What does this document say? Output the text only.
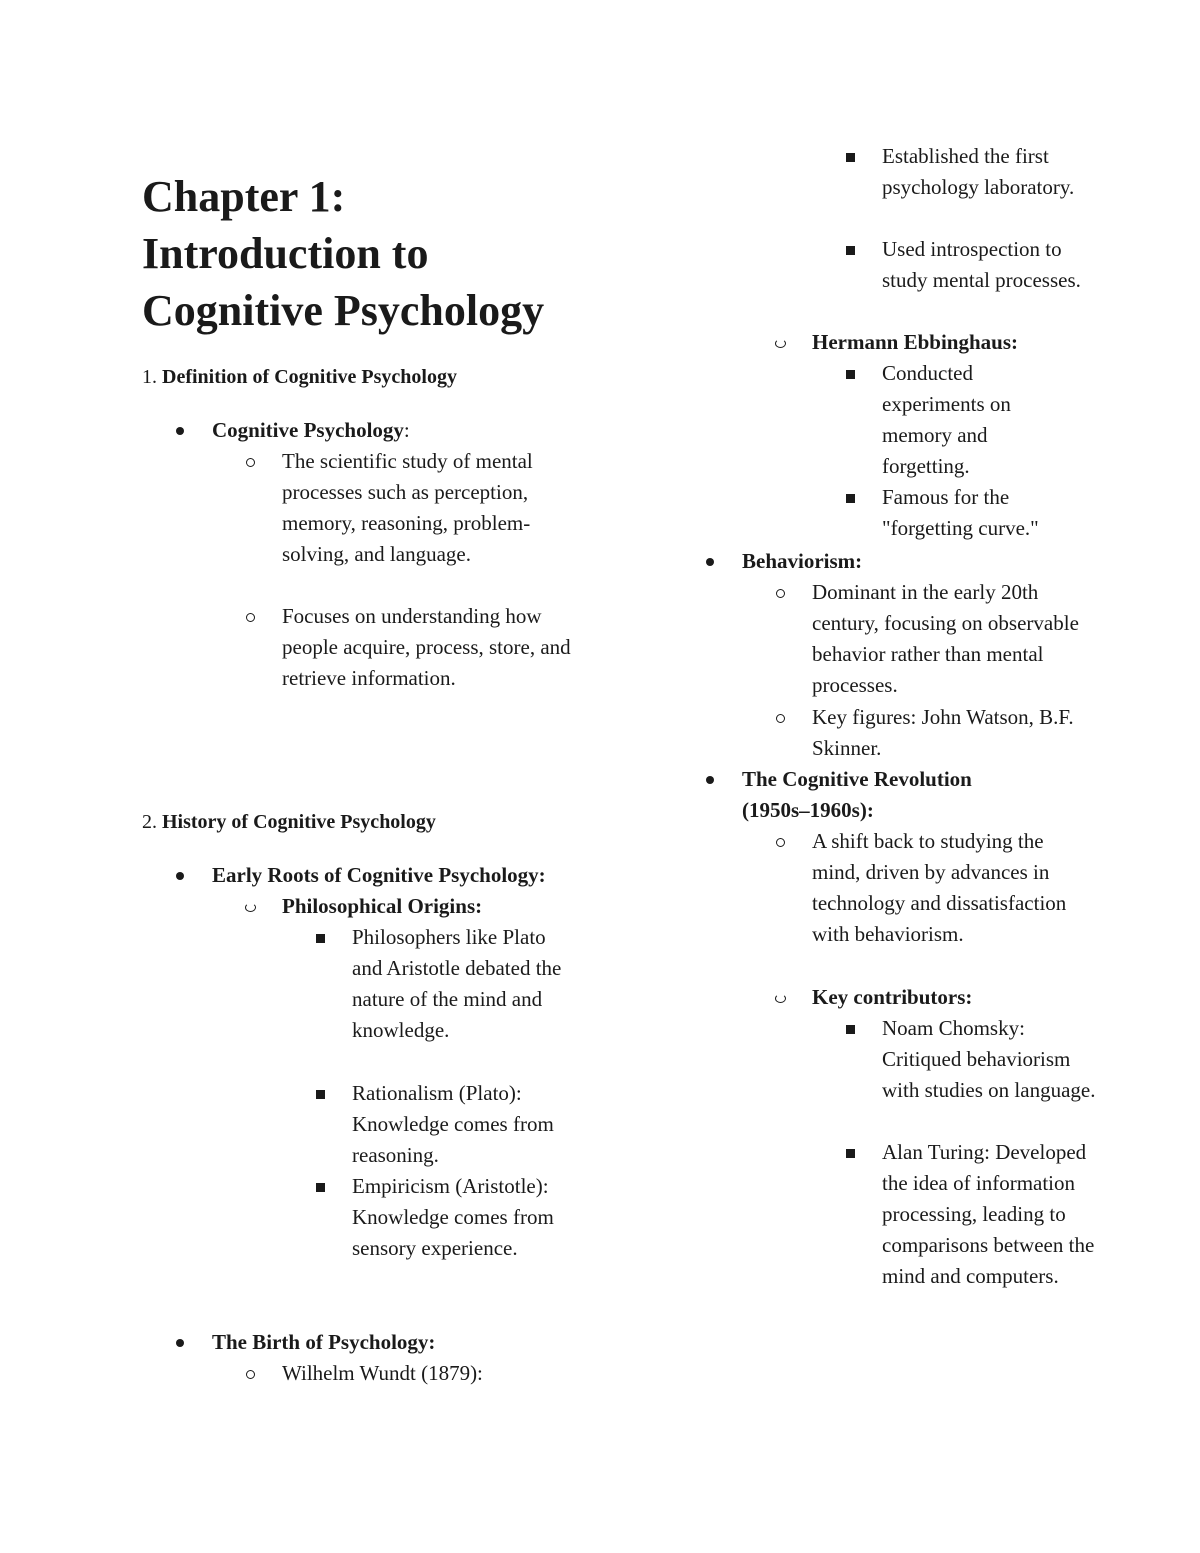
Chapter 1:
Introduction to
Cognitive Psychology

1. Definition of Cognitive Psychology

Cognitive Psychology:
The scientific study of mental processes such as perception, memory, reasoning, problem-solving, and language.
Focuses on understanding how people acquire, process, store, and retrieve information.

2. History of Cognitive Psychology

Early Roots of Cognitive Psychology:
Philosophical Origins:
Philosophers like Plato and Aristotle debated the nature of the mind and knowledge.
Rationalism (Plato): Knowledge comes from reasoning.
Empiricism (Aristotle): Knowledge comes from sensory experience.
The Birth of Psychology:
Wilhelm Wundt (1879):
Established the first psychology laboratory.
Used introspection to study mental processes.
Hermann Ebbinghaus:
Conducted experiments on memory and forgetting.
Famous for the "forgetting curve."
Behaviorism:
Dominant in the early 20th century, focusing on observable behavior rather than mental processes.
Key figures: John Watson, B.F. Skinner.
The Cognitive Revolution (1950s–1960s):
A shift back to studying the mind, driven by advances in technology and dissatisfaction with behaviorism.
Key contributors:
Noam Chomsky: Critiqued behaviorism with studies on language.
Alan Turing: Developed the idea of information processing, leading to comparisons between the mind and computers.
